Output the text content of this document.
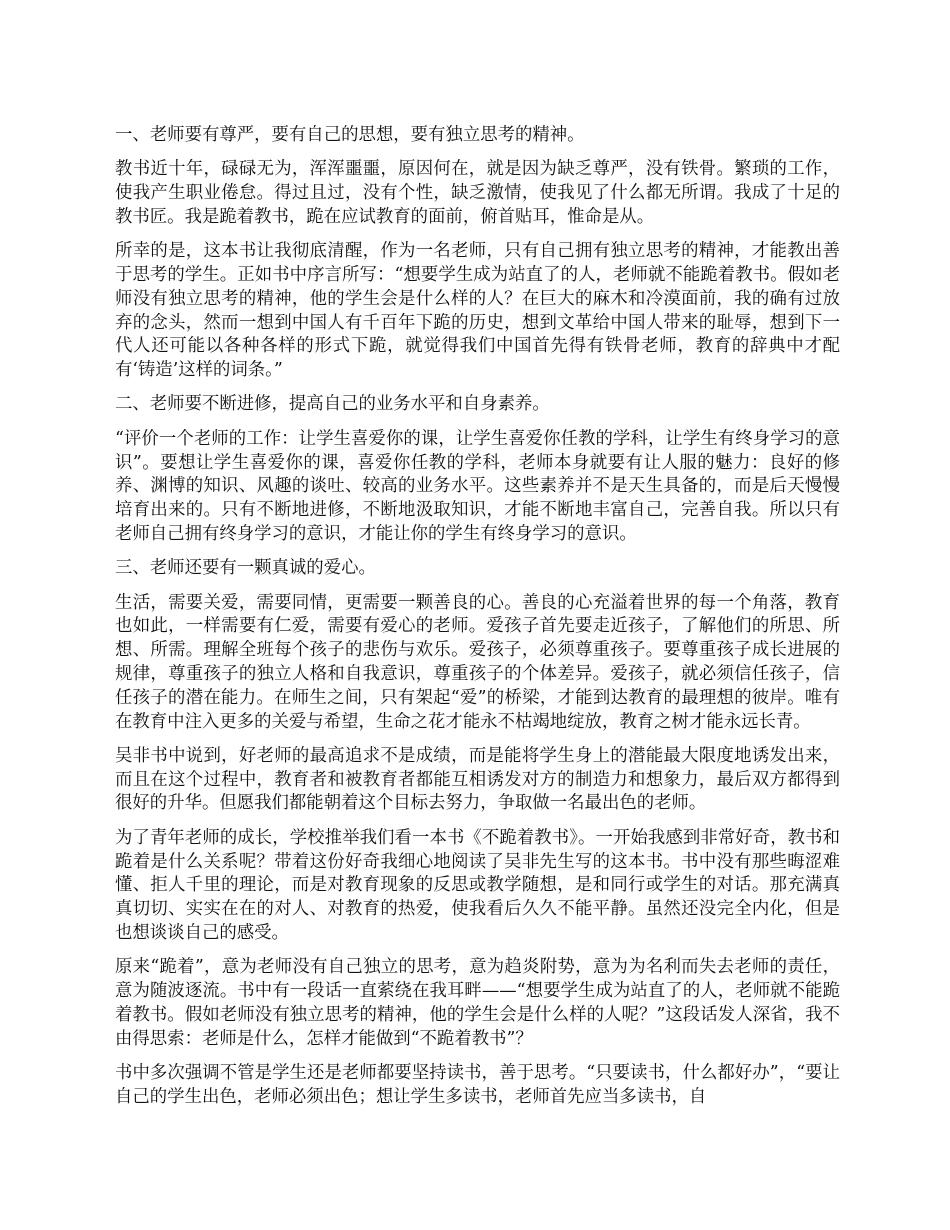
一、老师要有尊严，要有自己的思想，要有独立思考的精神。

教书近十年，碌碌无为，浑浑噩噩，原因何在，就是因为缺乏尊严，没有铁骨。繁琐的工作，使我产生职业倦怠。得过且过，没有个性，缺乏激情，使我见了什么都无所谓。我成了十足的教书匠。我是跪着教书，跪在应试教育的面前，俯首贴耳，惟命是从。

所幸的是，这本书让我彻底清醒，作为一名老师，只有自己拥有独立思考的精神，才能教出善于思考的学生。正如书中序言所写：“想要学生成为站直了的人，老师就不能跪着教书。假如老师没有独立思考的精神，他的学生会是什么样的人？在巨大的麻木和冷漠面前，我的确有过放弃的念头，然而一想到中国人有千百年下跪的历史，想到文革给中国人带来的耻辱，想到下一代人还可能以各种各样的形式下跪，就觉得我们中国首先得有铁骨老师，教育的辞典中才配有‘铸造’这样的词条。”

二、老师要不断进修，提高自己的业务水平和自身素养。

“评价一个老师的工作：让学生喜爱你的课，让学生喜爱你任教的学科，让学生有终身学习的意识”。要想让学生喜爱你的课，喜爱你任教的学科，老师本身就要有让人服的魅力：良好的修养、渊博的知识、风趣的谈吐、较高的业务水平。这些素养并不是天生具备的，而是后天慢慢培育出来的。只有不断地进修，不断地汲取知识，才能不断地丰富自己，完善自我。所以只有老师自己拥有终身学习的意识，才能让你的学生有终身学习的意识。

三、老师还要有一颗真诚的爱心。

生活，需要关爱，需要同情，更需要一颗善良的心。善良的心充溢着世界的每一个角落，教育也如此，一样需要有仁爱，需要有爱心的老师。爱孩子首先要走近孩子，了解他们的所思、所想、所需。理解全班每个孩子的悲伤与欢乐。爱孩子，必须尊重孩子。要尊重孩子成长进展的规律，尊重孩子的独立人格和自我意识，尊重孩子的个体差异。爱孩子，就必须信任孩子，信任孩子的潜在能力。在师生之间，只有架起“爱”的桥梁，才能到达教育的最理想的彼岸。唯有在教育中注入更多的关爱与希望，生命之花才能永不枯竭地绽放，教育之树才能永远长青。

吴非书中说到，好老师的最高追求不是成绩，而是能将学生身上的潜能最大限度地诱发出来，而且在这个过程中，教育者和被教育者都能互相诱发对方的制造力和想象力，最后双方都得到很好的升华。但愿我们都能朝着这个目标去努力，争取做一名最出色的老师。

为了青年老师的成长，学校推举我们看一本书《不跪着教书》。一开始我感到非常好奇，教书和跪着是什么关系呢？带着这份好奇我细心地阅读了吴非先生写的这本书。书中没有那些晦涩难懂、拒人千里的理论，而是对教育现象的反思或教学随想，是和同行或学生的对话。那充满真真切切、实实在在的对人、对教育的热爱，使我看后久久不能平静。虽然还没完全内化，但是也想谈谈自己的感受。

原来“跪着”，意为老师没有自己独立的思考，意为趋炎附势，意为为名利而失去老师的责任，意为随波逐流。书中有一段话一直萦绕在我耳畔——“想要学生成为站直了的人，老师就不能跪着教书。假如老师没有独立思考的精神，他的学生会是什么样的人呢？”这段话发人深省，我不由得思索：老师是什么，怎样才能做到“不跪着教书”？

书中多次强调不管是学生还是老师都要坚持读书，善于思考。“只要读书，什么都好办”，“要让自己的学生出色，老师必须出色；想让学生多读书，老师首先应当多读书，自
